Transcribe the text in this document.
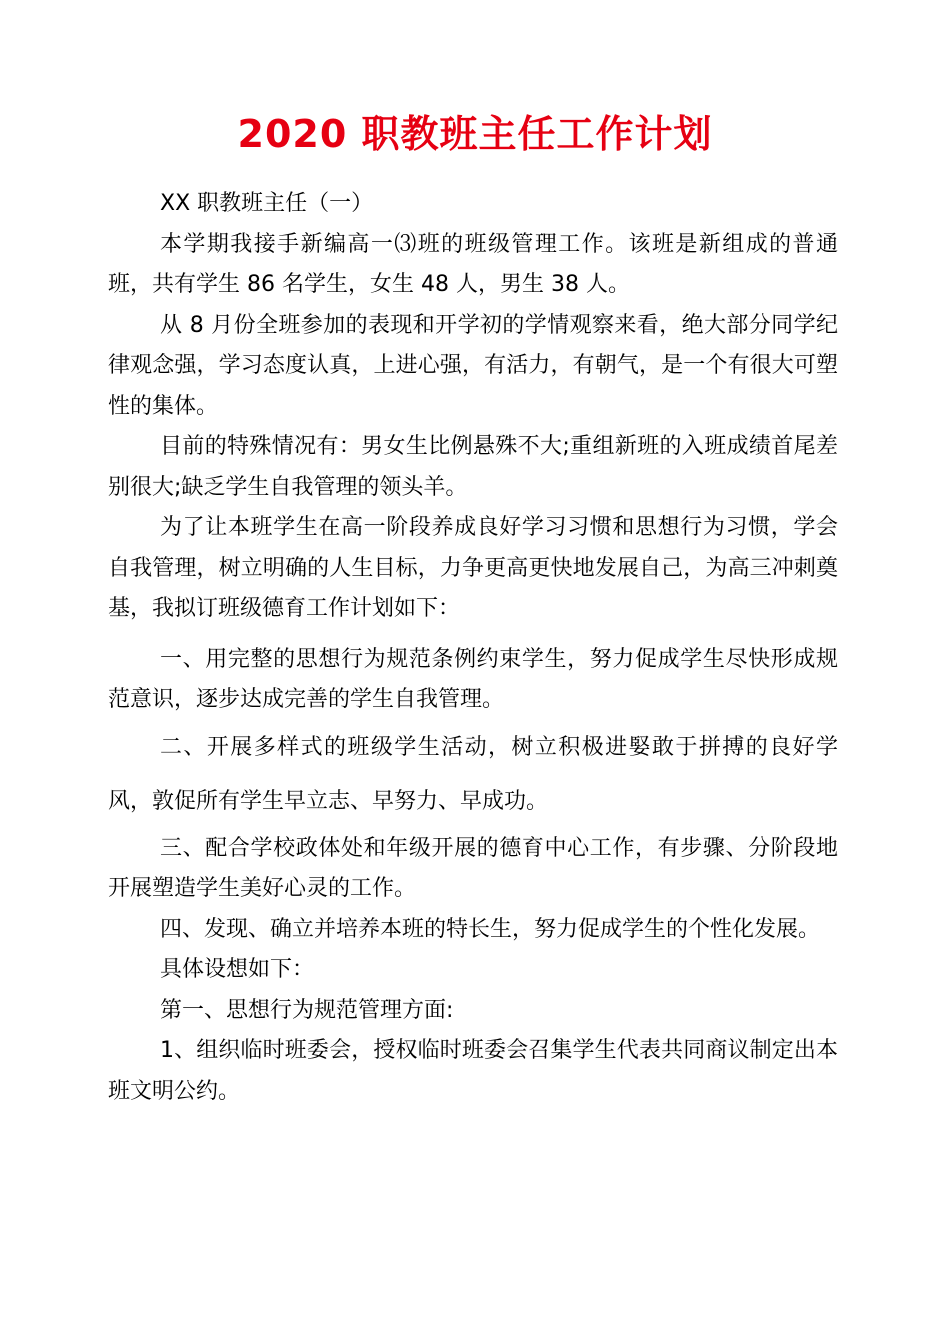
2020 职教班主任工作计划

XX 职教班主任（一）

本学期我接手新编高一⑶班的班级管理工作。该班是新组成的普通班，共有学生 86 名学生，女生 48 人，男生 38 人。

从 8 月份全班参加的表现和开学初的学情观察来看，绝大部分同学纪律观念强，学习态度认真，上进心强，有活力，有朝气，是一个有很大可塑性的集体。

目前的特殊情况有：男女生比例悬殊不大;重组新班的入班成绩首尾差别很大;缺乏学生自我管理的领头羊。

为了让本班学生在高一阶段养成良好学习习惯和思想行为习惯，学会自我管理，树立明确的人生目标，力争更高更快地发展自己，为高三冲刺奠基，我拟订班级德育工作计划如下：

一、用完整的思想行为规范条例约束学生，努力促成学生尽快形成规范意识，逐步达成完善的学生自我管理。

二、开展多样式的班级学生活动，树立积极进婜敢于拼搏的良好学风，敦促所有学生早立志、早努力、早成功。

三、配合学校政体处和年级开展的德育中心工作，有步骤、分阶段地开展塑造学生美好心灵的工作。

四、发现、确立并培养本班的特长生，努力促成学生的个性化发展。

具体设想如下：

第一、思想行为规范管理方面:

1、组织临时班委会，授权临时班委会召集学生代表共同商议制定出本班文明公约。
